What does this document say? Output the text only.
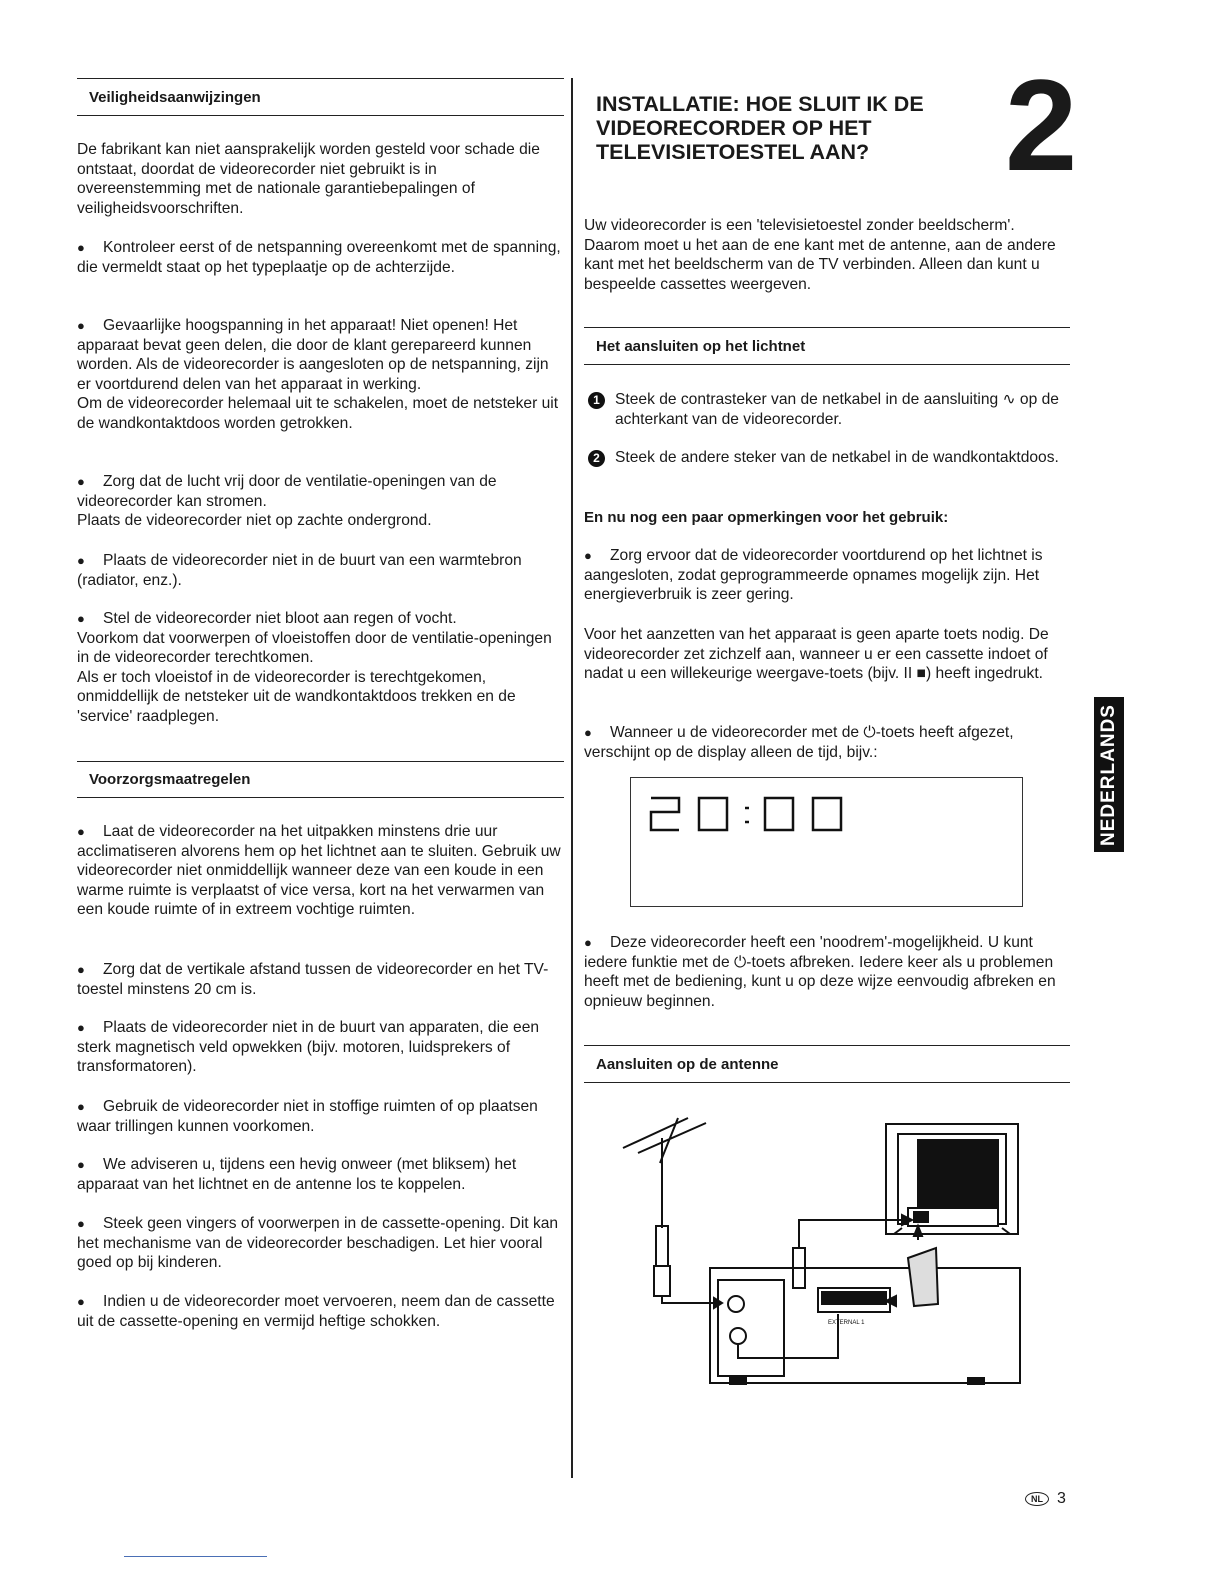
Veiligheidsaanwijzingen

De fabrikant kan niet aansprakelijk worden gesteld voor schade die ontstaat, doordat de videorecorder niet gebruikt is in overeenstemming met de nationale garantiebepalingen of veiligheidsvoorschriften.

● Kontroleer eerst of de netspanning overeenkomt met de spanning, die vermeldt staat op het typeplaatje op de achterzijde.

● Gevaarlijke hoogspanning in het apparaat! Niet openen! Het apparaat bevat geen delen, die door de klant gerepareerd kunnen worden. Als de videorecorder is aangesloten op de netspanning, zijn er voortdurend delen van het apparaat in werking.

Om de videorecorder helemaal uit te schakelen, moet de netsteker uit de wandkontaktdoos worden getrokken.

● Zorg dat de lucht vrij door de ventilatie-openingen van de videorecorder kan stromen.

Plaats de videorecorder niet op zachte ondergrond.

● Plaats de videorecorder niet in de buurt van een warmtebron (radiator, enz.).

● Stel de videorecorder niet bloot aan regen of vocht.

Voorkom dat voorwerpen of vloeistoffen door de ventilatie-openingen in de videorecorder terechtkomen.

Als er toch vloeistof in de videorecorder is terechtgekomen, onmiddellijk de netsteker uit de wandkontaktdoos trekken en de 'service' raadplegen.

Voorzorgsmaatregelen

● Laat de videorecorder na het uitpakken minstens drie uur acclimatiseren alvorens hem op het lichtnet aan te sluiten. Gebruik uw videorecorder niet onmiddellijk wanneer deze van een koude in een warme ruimte is verplaatst of vice versa, kort na het verwarmen van een koude ruimte of in extreem vochtige ruimten.

● Zorg dat de vertikale afstand tussen de videorecorder en het TV-toestel minstens 20 cm is.

● Plaats de videorecorder niet in de buurt van apparaten, die een sterk magnetisch veld opwekken (bijv. motoren, luidsprekers of transformatoren).

● Gebruik de videorecorder niet in stoffige ruimten of op plaatsen waar trillingen kunnen voorkomen.

● We adviseren u, tijdens een hevig onweer (met bliksem) het apparaat van het lichtnet en de antenne los te koppelen.

● Steek geen vingers of voorwerpen in de cassette-opening. Dit kan het mechanisme van de videorecorder beschadigen. Let hier vooral goed op bij kinderen.

● Indien u de videorecorder moet vervoeren, neem dan de cassette uit de cassette-opening en vermijd heftige schokken.

INSTALLATIE: HOE SLUIT IK DE VIDEORECORDER OP HET TELEVISIETOESTEL AAN?	2

Uw videorecorder is een 'televisietoestel zonder beeldscherm'. Daarom moet u het aan de ene kant met de antenne, aan de andere kant met het beeldscherm van de TV verbinden. Alleen dan kunt u bespeelde cassettes weergeven.

Het aansluiten op het lichtnet
1 Steek de contrasteker van de netkabel in de aansluiting ∿ op de achterkant van de videorecorder.
2 Steek de andere steker van de netkabel in de wandkontaktdoos.

En nu nog een paar opmerkingen voor het gebruik:

● Zorg ervoor dat de videorecorder voortdurend op het lichtnet is aangesloten, zodat geprogrammeerde opnames mogelijk zijn. Het energieverbruik is zeer gering.

Voor het aanzetten van het apparaat is geen aparte toets nodig. De videorecorder zet zichzelf aan, wanneer u er een cassette indoet of nadat u een willekeurige weergave-toets (bijv. II ■) heeft ingedrukt.

● Wanneer u de videorecorder met de ⏻-toets heeft afgezet, verschijnt op de display alleen de tijd, bijv.:

● Deze videorecorder heeft een 'noodrem'-mogelijkheid. U kunt iedere funktie met de ⏻-toets afbreken. Iedere keer als u problemen heeft met de bediening, kunt u op deze wijze eenvoudig afbreken en opnieuw beginnen.

Aansluiten op de antenne
EXTERNAL 1
NEDERLANDS
NL 3
